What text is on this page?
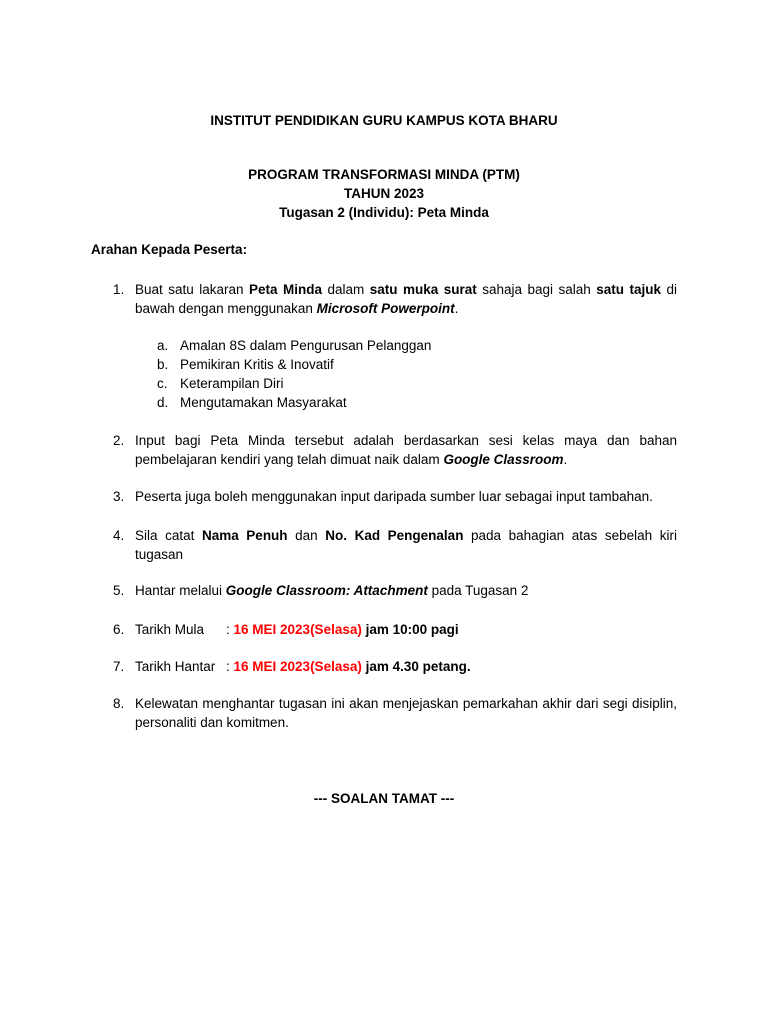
INSTITUT PENDIDIKAN GURU KAMPUS KOTA BHARU
PROGRAM TRANSFORMASI MINDA (PTM)
TAHUN 2023
Tugasan 2 (Individu): Peta Minda
Arahan Kepada Peserta:
1. Buat satu lakaran Peta Minda dalam satu muka surat sahaja bagi salah satu tajuk di bawah dengan menggunakan Microsoft Powerpoint.
a. Amalan 8S dalam Pengurusan Pelanggan
b. Pemikiran Kritis & Inovatif
c. Keterampilan Diri
d. Mengutamakan Masyarakat
2. Input bagi Peta Minda tersebut adalah berdasarkan sesi kelas maya dan bahan pembelajaran kendiri yang telah dimuat naik dalam Google Classroom.
3. Peserta juga boleh menggunakan input daripada sumber luar sebagai input tambahan.
4. Sila catat Nama Penuh dan No. Kad Pengenalan pada bahagian atas sebelah kiri tugasan
5. Hantar melalui Google Classroom: Attachment pada Tugasan 2
6. Tarikh Mula : 16 MEI 2023(Selasa) jam 10:00 pagi
7. Tarikh Hantar : 16 MEI 2023(Selasa) jam 4.30 petang.
8. Kelewatan menghantar tugasan ini akan menjejaskan pemarkahan akhir dari segi disiplin, personaliti dan komitmen.
--- SOALAN TAMAT ---
